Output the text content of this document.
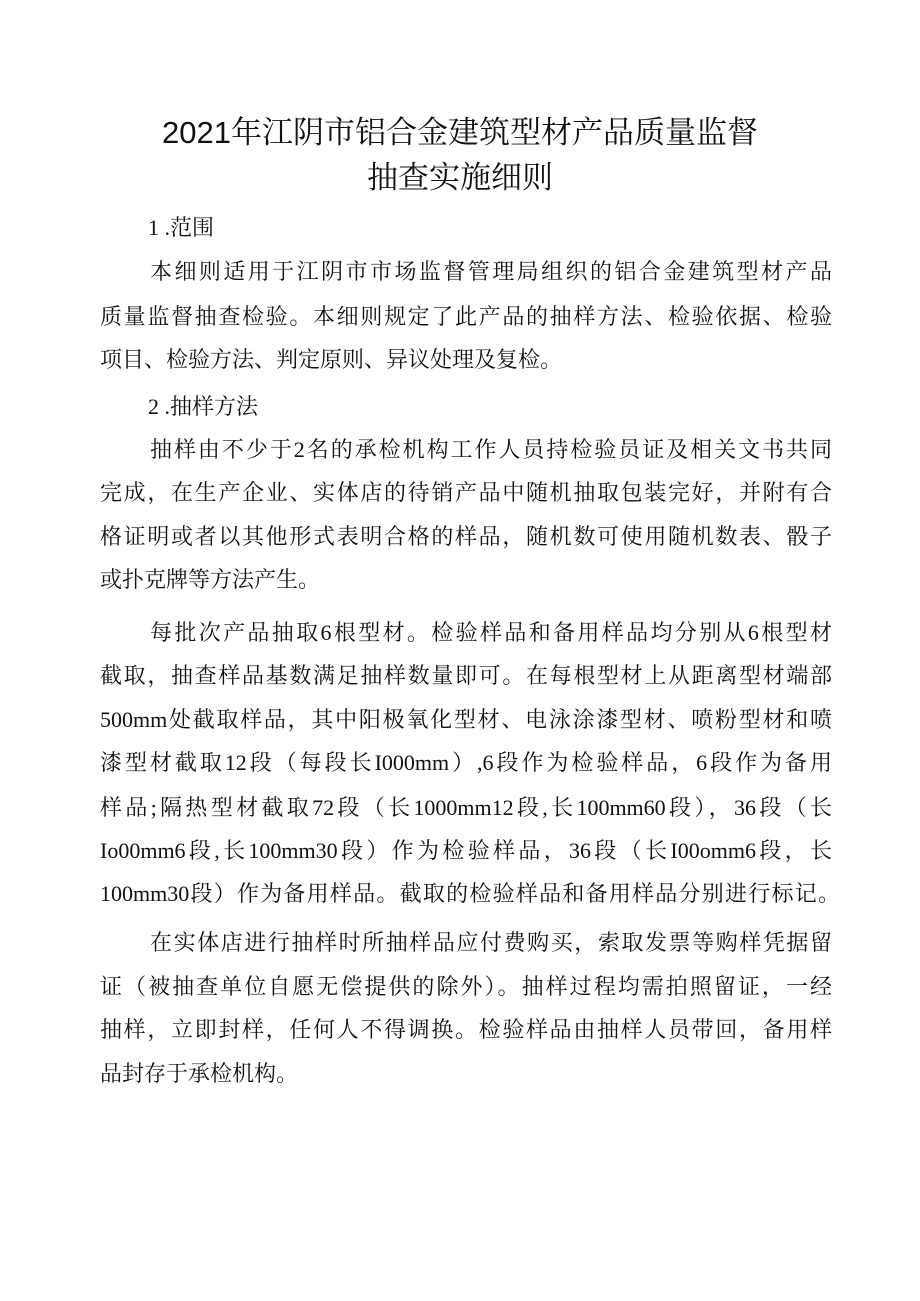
2021年江阴市铝合金建筑型材产品质量监督
抽查实施细则
1 .范围
本细则适用于江阴市市场监督管理局组织的铝合金建筑型材产品
质量监督抽查检验。本细则规定了此产品的抽样方法、检验依据、检验
项目、检验方法、判定原则、异议处理及复检。
2 .抽样方法
抽样由不少于2名的承检机构工作人员持检验员证及相关文书共同
完成，在生产企业、实体店的待销产品中随机抽取包装完好，并附有合
格证明或者以其他形式表明合格的样品，随机数可使用随机数表、骰子
或扑克牌等方法产生。
每批次产品抽取6根型材。检验样品和备用样品均分别从6根型材
截取，抽查样品基数满足抽样数量即可。在每根型材上从距离型材端部
500mm处截取样品，其中阳极氧化型材、电泳涂漆型材、喷粉型材和喷
漆型材截取12段（每段长I000mm）,6段作为检验样品，6段作为备用
样品;隔热型材截取72段（长1000mm12段,长100mm60段），36段（长
Io00mm6段,长100mm30段）作为检验样品，36段（长I00omm6段，长
100mm30段）作为备用样品。截取的检验样品和备用样品分别进行标记。
在实体店进行抽样时所抽样品应付费购买，索取发票等购样凭据留
证（被抽查单位自愿无偿提供的除外）。抽样过程均需拍照留证，一经
抽样，立即封样，任何人不得调换。检验样品由抽样人员带回，备用样
品封存于承检机构。
